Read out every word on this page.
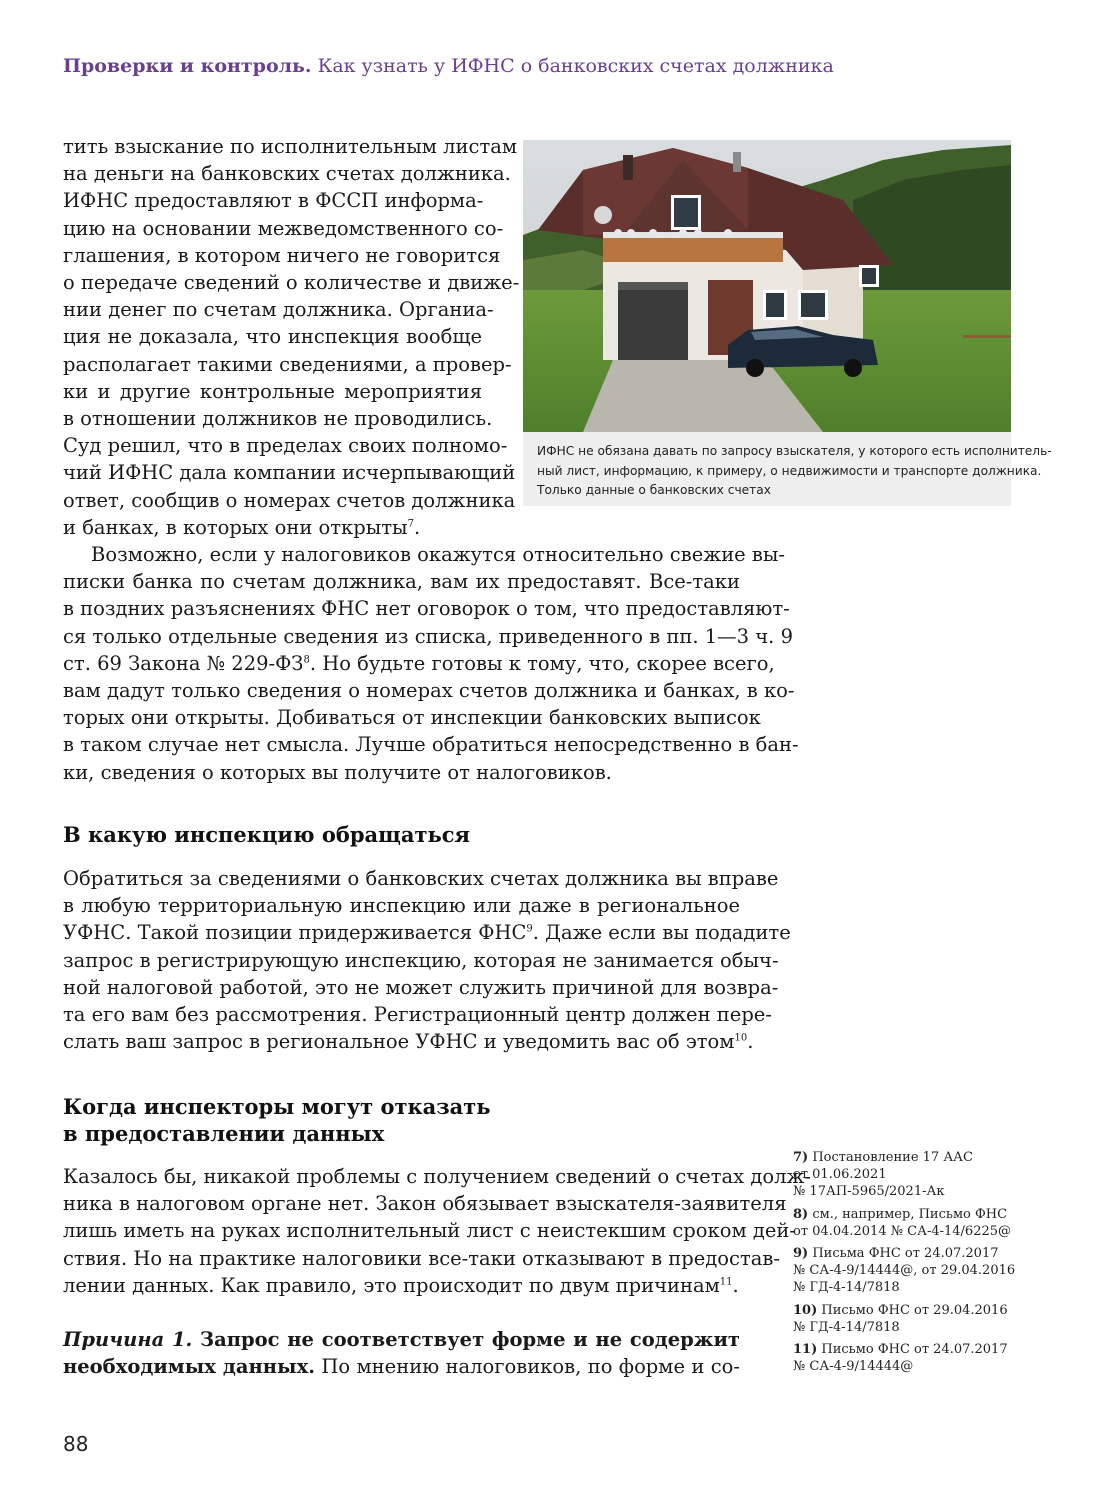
Проверки и контроль. Как узнать у ИФНС о банковских счетах должника
тить взыскание по исполнительным листам
на деньги на банковских счетах должника.
ИФНС предоставляют в ФССП информа-
цию на основании межведомственного со-
глашения, в котором ничего не говорится
о передаче сведений о количестве и движе-
нии денег по счетам должника. Органиа-
ция не доказала, что инспекция вообще
располагает такими сведениями, а провер-
ки и другие контрольные мероприятия
в отношении должников не проводились.
Суд решил, что в пределах своих полномо-
чий ИФНС дала компании исчерпывающий
ответ, сообщив о номерах счетов должника
и банках, в которых они открыты$^7$.
ИФНС не обязана давать по запросу взыскателя, у которого есть исполнитель-
ный лист, информацию, к примеру, о недвижимости и транспорте должника.
Только данные о банковских счетах
Возможно, если у налоговиков окажутся относительно свежие вы-
писки банка по счетам должника, вам их предоставят. Все-таки
в поздних разъяснениях ФНС нет оговорок о том, что предоставляют-
ся только отдельные сведения из списка, приведенного в пп. 1—3 ч. 9
ст. 69 Закона № $229-ФЗ^8$. Но будьте готовы к тому, что, скорее всего,
вам дадут только сведения о номерах счетов должника и банках, в ко-
торых они открыты. Добиваться от инспекции банковских выписок
в таком случае нет смысла. Лучше обратиться непосредственно в бан-
ки, сведения о которых вы получите от налоговиков.
В какую инспекцию обращаться
Обратиться за сведениями о банковских счетах должника вы вправе
в любую территориальную инспекцию или даже в региональное
УФНС. Такой позиции придерживается ФНС$^9$. Даже если вы подадите
запрос в регистрирующую инспекцию, которая не занимается обыч-
ной налоговой работой, это не может служить причиной для возвра-
та его вам без рассмотрения. Регистрационный центр должен пере-
слать ваш запрос в региональное УФНС и уведомить вас об этом$^{10}$.
Когда инспекторы могут отказать
в предоставлении данных
Казалось бы, никакой проблемы с получением сведений о счетах долж-
ника в налоговом органе нет. Закон обязывает взыскателя-заявителя
лишь иметь на руках исполнительный лист с неистекшим сроком дей-
ствия. Но на практике налоговики все-таки отказывают в предостав-
лении данных. Как правило, это происходит по двум причинам$^{11}$.
Причина 1. Запрос не соответствует форме и не содержит
необходимых данных. По мнению налоговиков, по форме и со-
7) Постановление 17 ААС
от 01.06.2021
№ 17АП-5965/2021-Ак
8) см., например, Письмо ФНС
от 04.04.2014 № СА-4-14/6225@
9) Письма ФНС от 24.07.2017
№ СА-4-9/14444@, от 29.04.2016
№ ГД-4-14/7818
10) Письмо ФНС от 29.04.2016
№ ГД-4-14/7818
11) Письмо ФНС от 24.07.2017
№ СА-4-9/14444@
88
